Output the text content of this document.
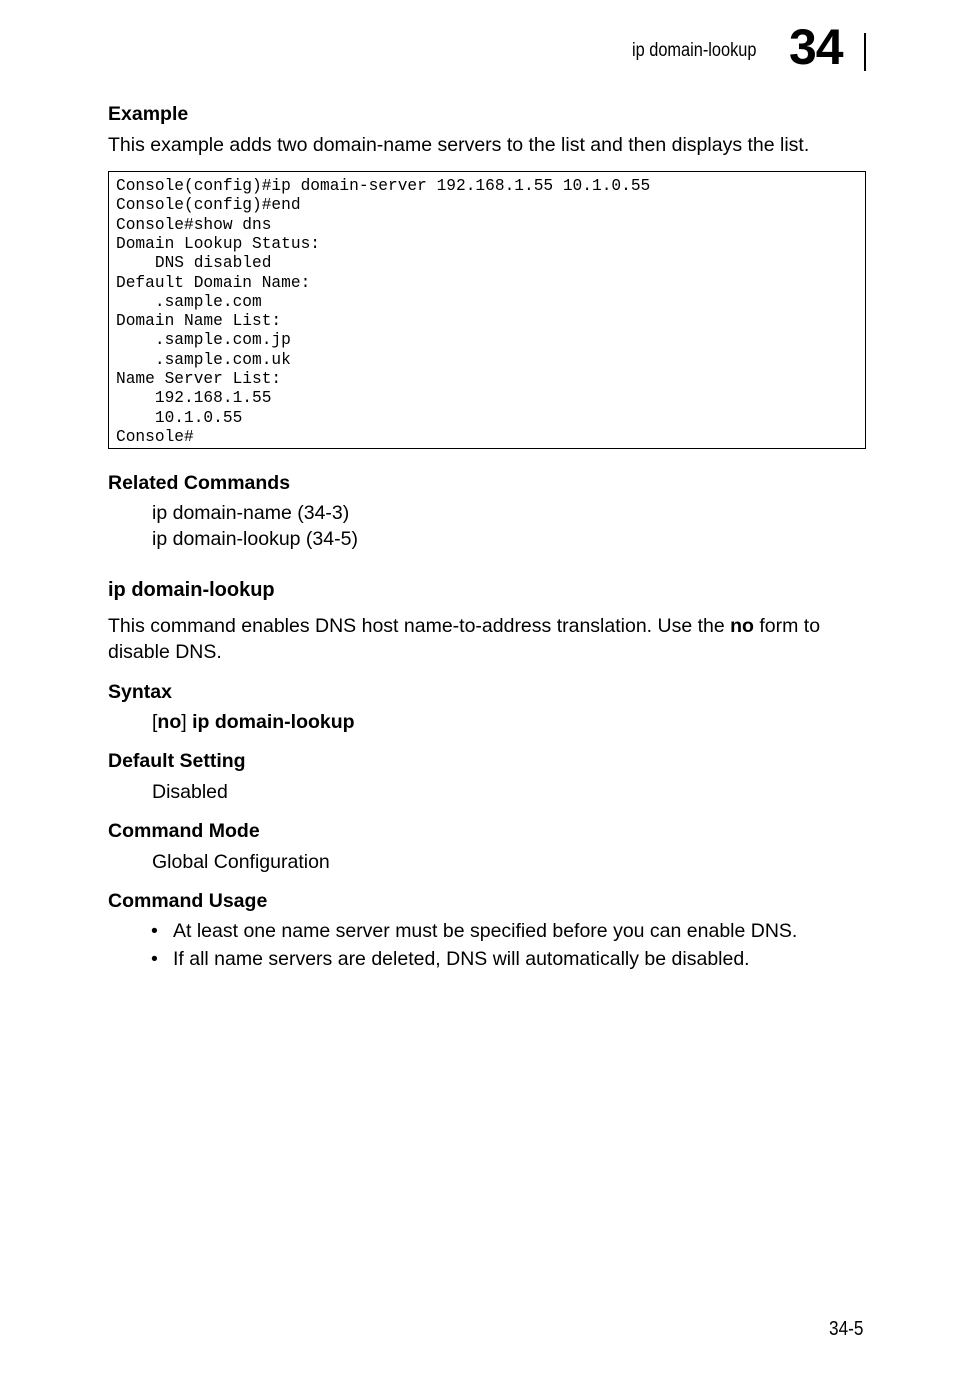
ip domain-lookup 34
Example
This example adds two domain-name servers to the list and then displays the list.
Console(config)#ip domain-server 192.168.1.55 10.1.0.55
Console(config)#end
Console#show dns
Domain Lookup Status:
DNS disabled
Default Domain Name:
.sample.com
Domain Name List:
.sample.com.jp
.sample.com.uk
Name Server List:
192.168.1.55
10.1.0.55
Console#
Related Commands
ip domain-name (34-3)
ip domain-lookup (34-5)
ip domain-lookup
This command enables DNS host name-to-address translation. Use the no form to
disable DNS.
Syntax
[no] ip domain-lookup
Default Setting
Disabled
Command Mode
Global Configuration
Command Usage
• At least one name server must be specified before you can enable DNS.
• If all name servers are deleted, DNS will automatically be disabled.
34-5
